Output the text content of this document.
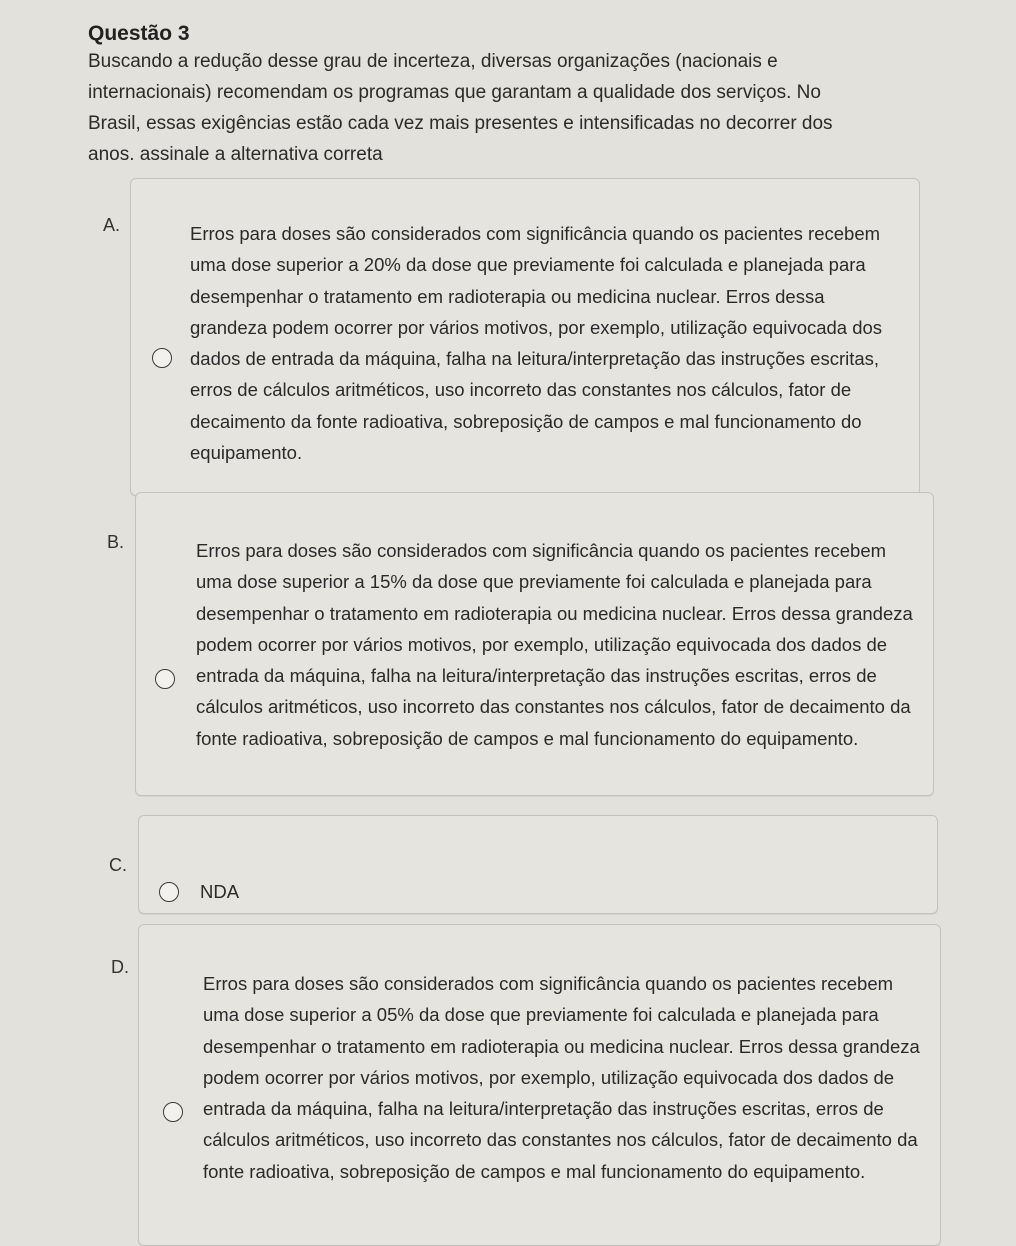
Questão 3
Buscando a redução desse grau de incerteza, diversas organizações (nacionais e internacionais) recomendam os programas que garantam a qualidade dos serviços. No Brasil, essas exigências estão cada vez mais presentes e intensificadas no decorrer dos anos. assinale a alternativa correta
A.	Erros para doses são considerados com significância quando os pacientes recebem uma dose superior a 20% da dose que previamente foi calculada e planejada para desempenhar o tratamento em radioterapia ou medicina nuclear. Erros dessa grandeza podem ocorrer por vários motivos, por exemplo, utilização equivocada dos dados de entrada da máquina, falha na leitura/interpretação das instruções escritas, erros de cálculos aritméticos, uso incorreto das constantes nos cálculos, fator de decaimento da fonte radioativa, sobreposição de campos e mal funcionamento do equipamento.
B.	Erros para doses são considerados com significância quando os pacientes recebem uma dose superior a 15% da dose que previamente foi calculada e planejada para desempenhar o tratamento em radioterapia ou medicina nuclear. Erros dessa grandeza podem ocorrer por vários motivos, por exemplo, utilização equivocada dos dados de entrada da máquina, falha na leitura/interpretação das instruções escritas, erros de cálculos aritméticos, uso incorreto das constantes nos cálculos, fator de decaimento da fonte radioativa, sobreposição de campos e mal funcionamento do equipamento.
C.
NDA
D.
Erros para doses são considerados com significância quando os pacientes recebem uma dose superior a 05% da dose que previamente foi calculada e planejada para desempenhar o tratamento em radioterapia ou medicina nuclear. Erros dessa grandeza podem ocorrer por vários motivos, por exemplo, utilização equivocada dos dados de entrada da máquina, falha na leitura/interpretação das instruções escritas, erros de cálculos aritméticos, uso incorreto das constantes nos cálculos, fator de decaimento da fonte radioativa, sobreposição de campos e mal funcionamento do equipamento.
